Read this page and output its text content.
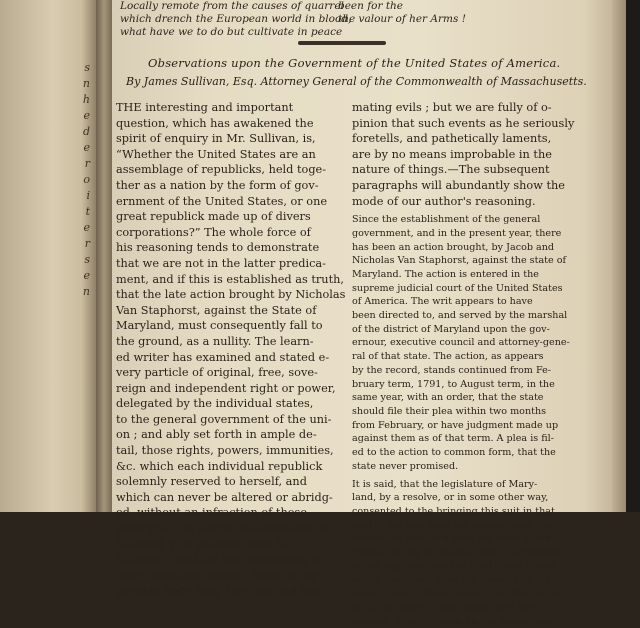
s
n
h
e
d
e
r
o
i
t
e
r
s
e
n
Locally remote from the causes of quarrel
which drench the European world in blood,
what have we to do but cultivate in peace
been for the
the valour of her Arms !
Observations upon the Government of the United States of America.
By James Sullivan, Esq. Attorney General of the Commonwealth of Massachusetts.
THE interesting and important
question, which has awakened the
spirit of enquiry in Mr. Sullivan, is,
“Whether the United States are an
assemblage of republicks, held toge-
ther as a nation by the form of gov-
ernment of the United States, or one
great republick made up of divers
corporations?” The whole force of
his reasoning tends to demonstrate
that we are not in the latter predica-
ment, and if this is established as truth,
that the late action brought by Nicholas
Van Staphorst, against the State of
Maryland, must consequently fall to
the ground, as a nullity. The learn-
ed writer has examined and stated e-
very particle of original, free, sove-
reign and independent right or power,
delegated by the individual states,
to the general government of the uni-
on ; and ably set forth in ample de-
tail, those rights, powers, immunities,
&c. which each individual republick
solemnly reserved to herself, and
which can never be altered or abridg-
ed, without an infraction of those
principles, on which the federation is
founded. It is possible, that Mr.
Sullivan's zeal for the sovereignty of
every member, distinct from the ag-
gregate body, may have carried him
mating evils ; but we are fully of o-
pinion that such events as he seriously
foretells, and pathetically laments,
are by no means improbable in the
nature of things.—The subsequent
paragraphs will abundantly show the
mode of our author's reasoning.
Since the establishment of the general
government, and in the present year, there
has been an action brought, by Jacob and
Nicholas Van Staphorst, against the state of
Maryland. The action is entered in the
supreme judicial court of the United States
of America. The writ appears to have
been directed to, and served by the marshal
of the district of Maryland upon the gov-
ernour, executive council and attorney-gene-
ral of that state. The action, as appears
by the record, stands continued from Fe-
bruary term, 1791, to August term, in the
same year, with an order, that the state
should file their plea within two months
from February, or have judgment made up
against them as of that term. A plea is fil-
ed to the action to common form, that the
state never promised.
It is said, that the legislature of Mary-
land, by a resolve, or in some other way,
consented to the bringing this suit in that
court ; but this does not appear upon the
record. Be that as it may, the state of Ma-
ryland can, by no means, give a jurisdiction
to the supreme court of the United States,
which that court does not possess by the
constitution of their power from the people
of all the states. They might refer their
dispute, by arbitration, to the honourable
